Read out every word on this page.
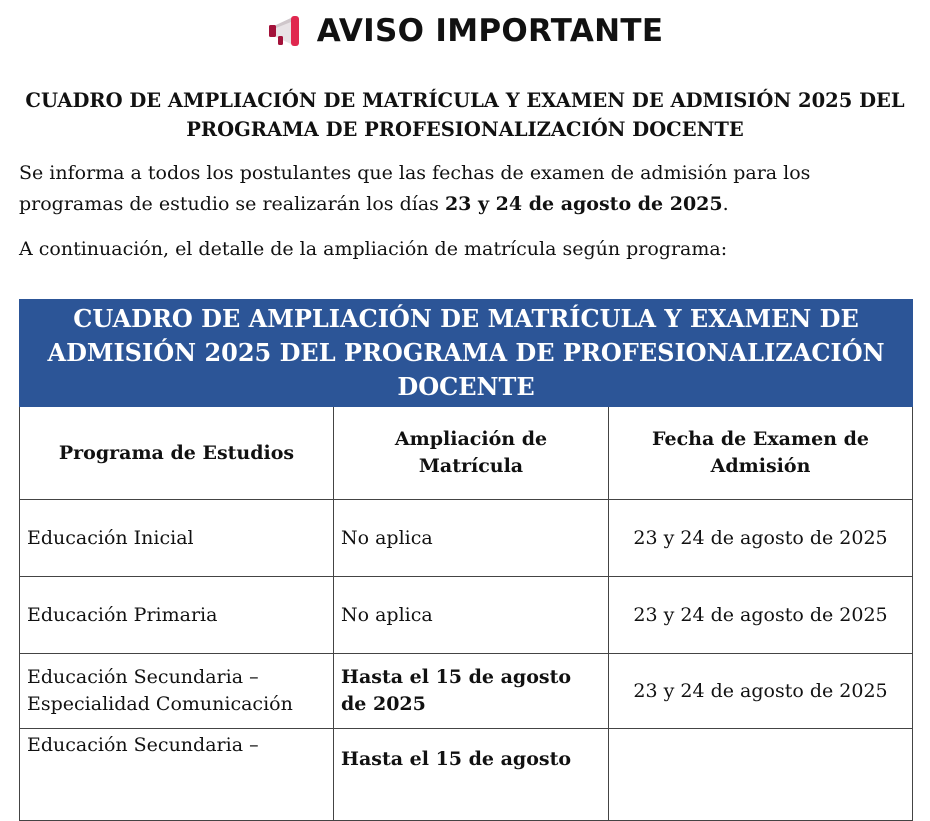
AVISO IMPORTANTE
CUADRO DE AMPLIACIÓN DE MATRÍCULA Y EXAMEN DE ADMISIÓN 2025 DEL
PROGRAMA DE PROFESIONALIZACIÓN DOCENTE
Se informa a todos los postulantes que las fechas de examen de admisión para los programas de estudio se realizarán los días 23 y 24 de agosto de 2025.
A continuación, el detalle de la ampliación de matrícula según programa:
CUADRO DE AMPLIACIÓN DE MATRÍCULA Y EXAMEN DE ADMISIÓN 2025 DEL PROGRAMA DE PROFESIONALIZACIÓN DOCENTE		
Programa de Estudios	Ampliación de Matrícula	Fecha de Examen de Admisión
Educación Inicial	No aplica	23 y 24 de agosto de 2025
Educación Primaria	No aplica	23 y 24 de agosto de 2025
Educación Secundaria – Especialidad Comunicación	Hasta el 15 de agosto de 2025	23 y 24 de agosto de 2025
Educación Secundaria –	Hasta el 15 de agosto	
